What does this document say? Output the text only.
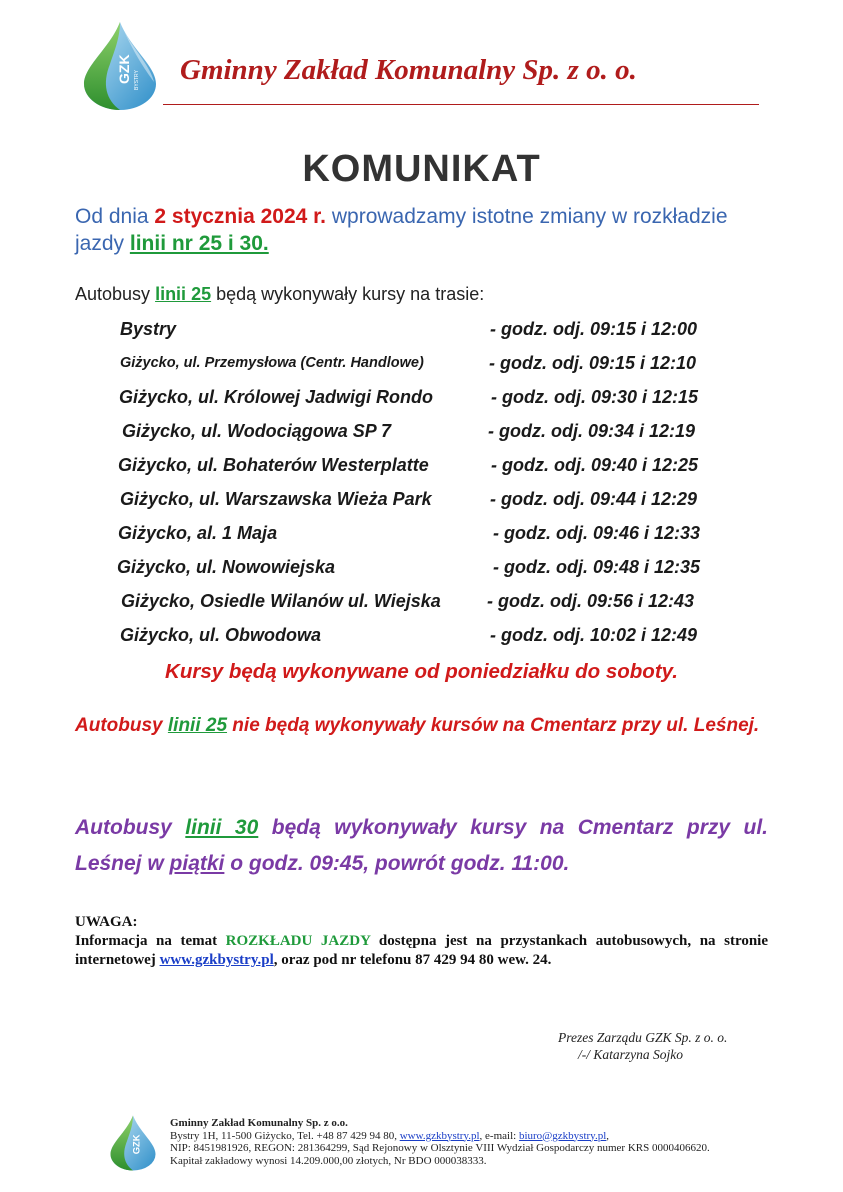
GZK BYSTRY Gminny Zakład Komunalny Sp. z o. o.
KOMUNIKAT
Od dnia 2 stycznia 2024 r. wprowadzamy istotne zmiany w rozkładzie jazdy linii nr 25 i 30.
Autobusy linii 25 będą wykonywały kursy na trasie:
Bystry	- godz. odj. 09:15 i 12:00
Giżycko, ul. Przemysłowa (Centr. Handlowe)	- godz. odj. 09:15 i 12:10
Giżycko, ul. Królowej Jadwigi Rondo	- godz. odj. 09:30 i 12:15
Giżycko, ul. Wodociągowa SP 7	- godz. odj. 09:34 i 12:19
Giżycko, ul. Bohaterów Westerplatte	- godz. odj. 09:40 i 12:25
Giżycko, ul. Warszawska Wieża Park	- godz. odj. 09:44 i 12:29
Giżycko, al. 1 Maja	- godz. odj. 09:46 i 12:33
Giżycko, ul. Nowowiejska	- godz. odj. 09:48 i 12:35
Giżycko, Osiedle Wilanów ul. Wiejska	- godz. odj. 09:56 i 12:43
Giżycko, ul. Obwodowa	- godz. odj. 10:02 i 12:49
Kursy będą wykonywane od poniedziałku do soboty.
Autobusy linii 25 nie będą wykonywały kursów na Cmentarz przy ul. Leśnej.
Autobusy linii 30 będą wykonywały kursy na Cmentarz przy ul. Leśnej w piątki o godz. 09:45, powrót godz. 11:00.
UWAGA:
Informacja na temat ROZKŁADU JAZDY dostępna jest na przystankach autobusowych, na stronie internetowej www.gzkbystry.pl, oraz pod nr telefonu 87 429 94 80 wew. 24.
Prezes Zarządu GZK Sp. z o. o.
/-/ Katarzyna Sojko
GZK
Gminny Zakład Komunalny Sp. z o.o.
Bystry 1H, 11-500 Giżycko, Tel. +48 87 429 94 80, www.gzkbystry.pl, e-mail: biuro@gzkbystry.pl,
NIP: 8451981926, REGON: 281364299, Sąd Rejonowy w Olsztynie VIII Wydział Gospodarczy numer KRS 0000406620.
Kapitał zakładowy wynosi 14.209.000,00 złotych, Nr BDO 000038333.
